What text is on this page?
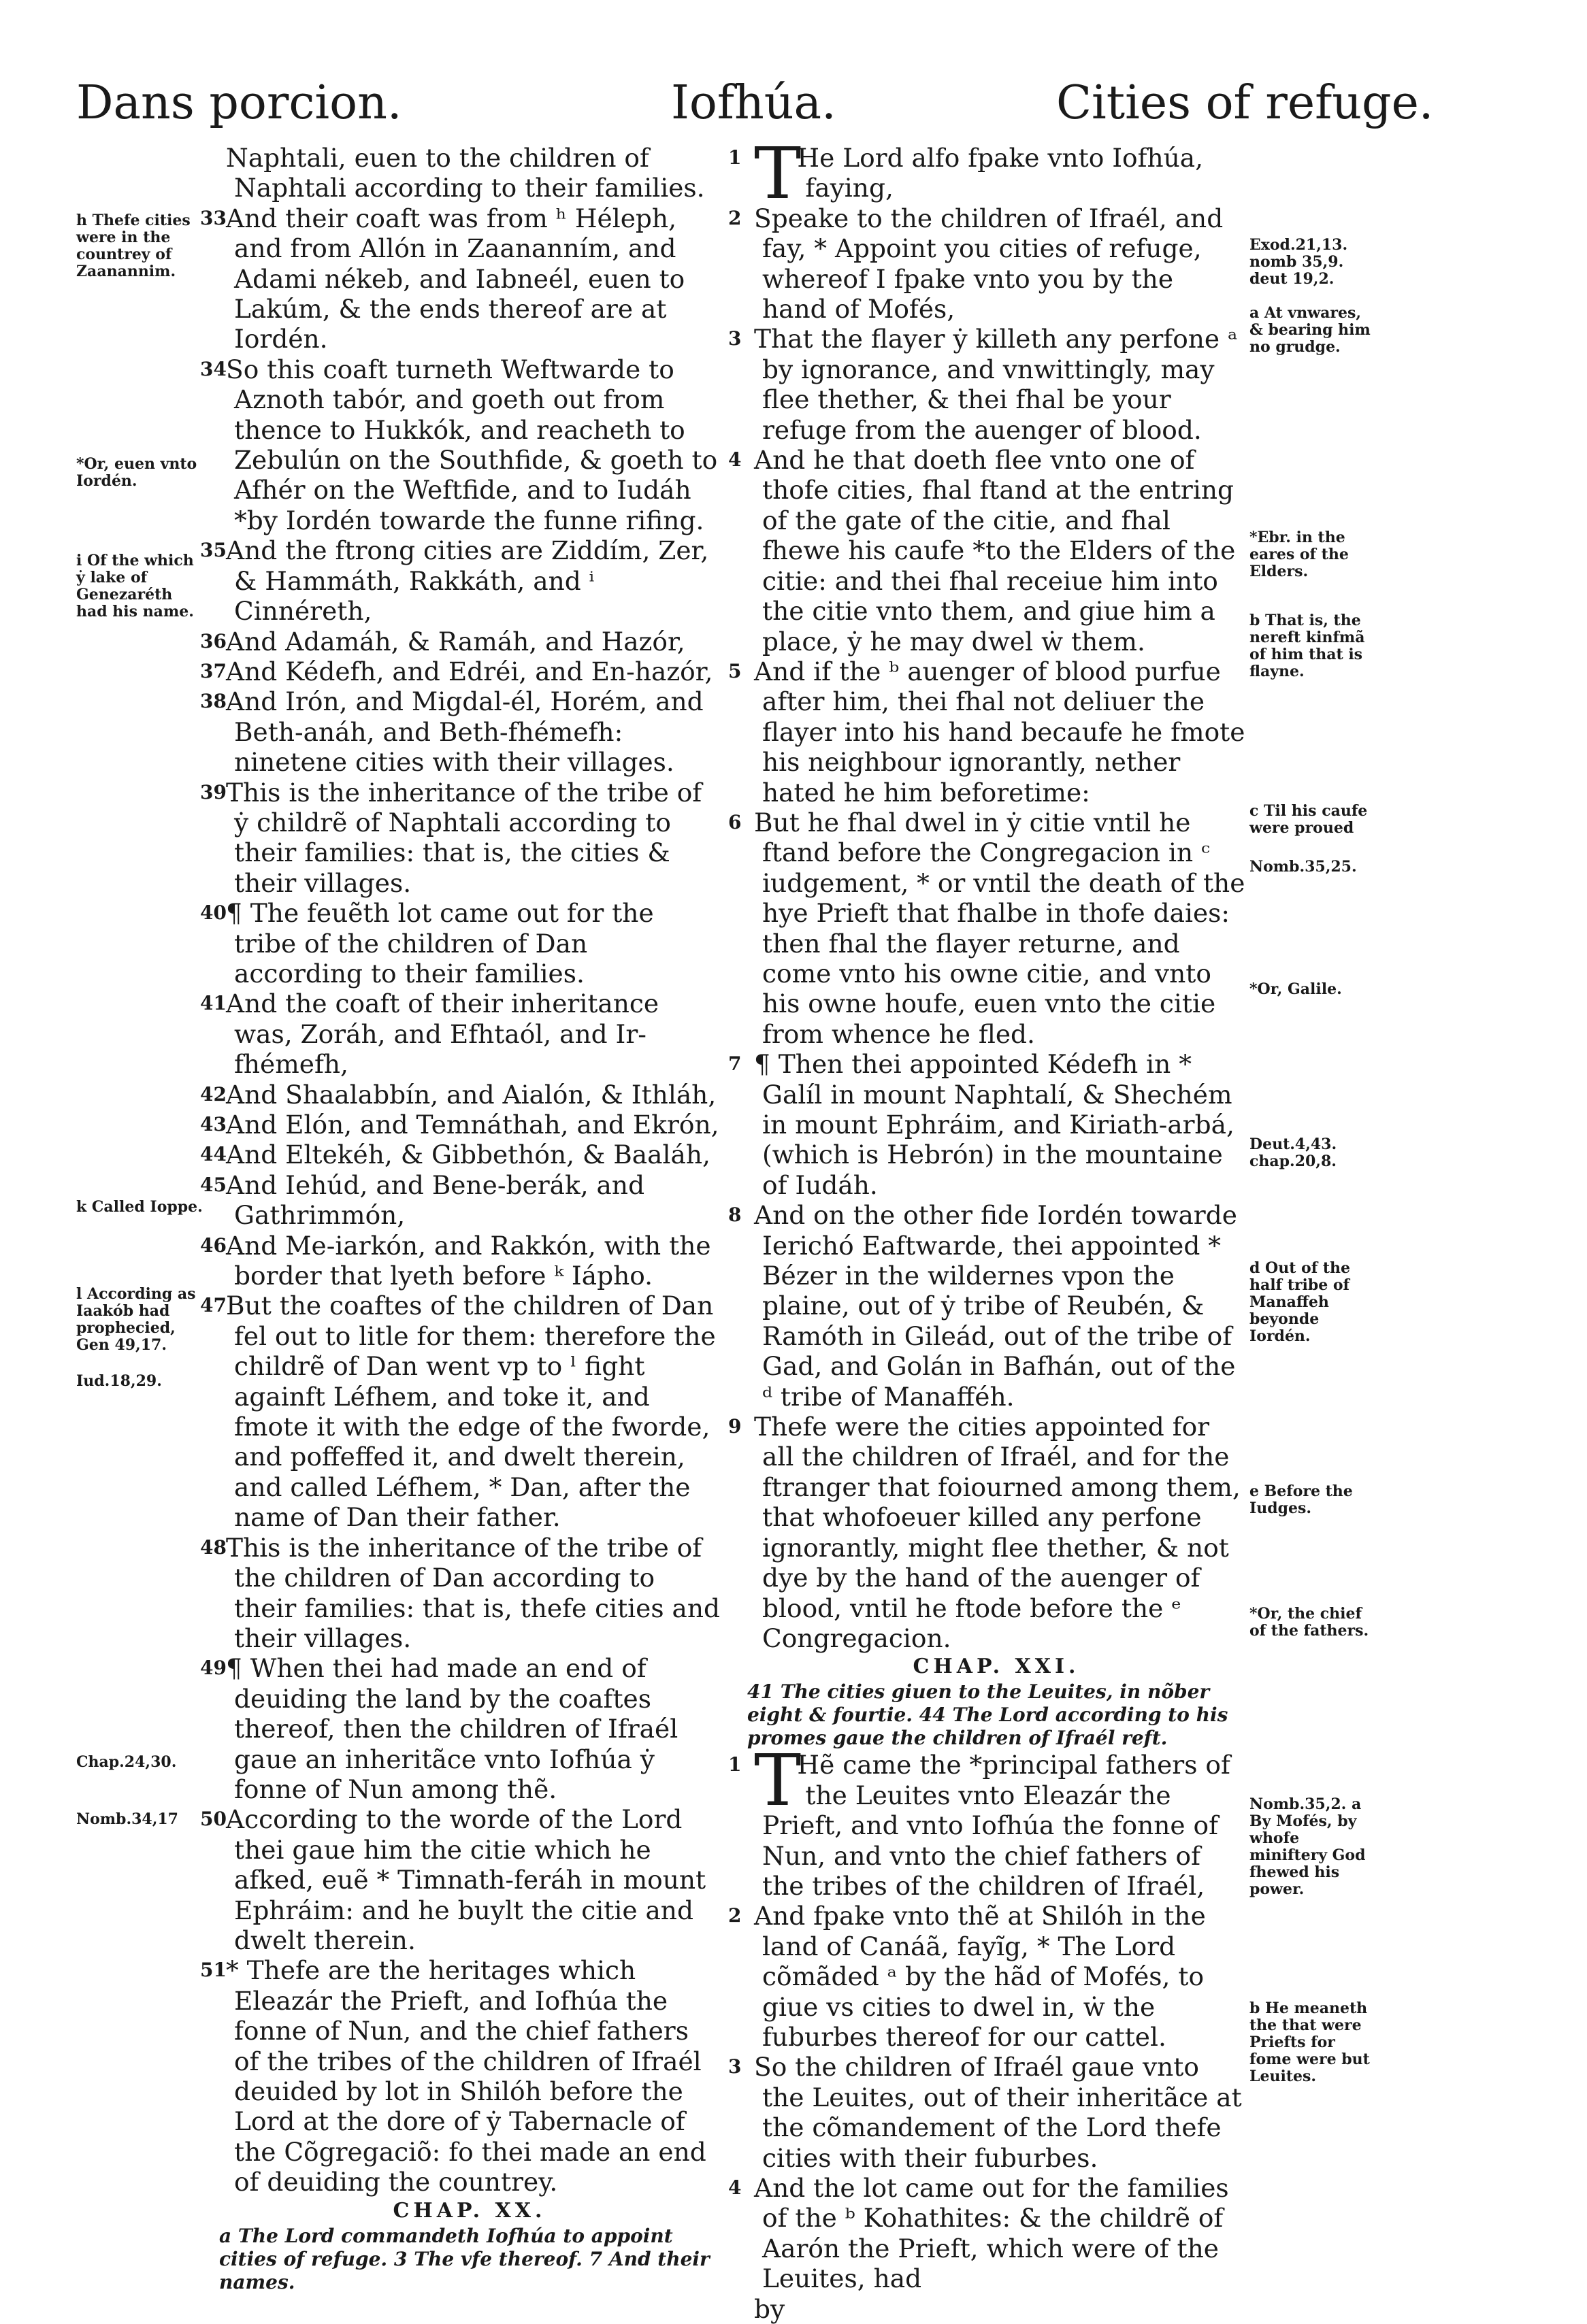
Dans porcion.	Iofhúa.	Cities of refuge.
Naphtali, euen to the children of Naphtali according to their families.
33 And their coaft was from ʰ Héleph, and from Allón in Zaananním, and Adami nékeb, and Iabneél, euen to Lakúm, & the ends thereof are at Iordén.
34 So this coaft turneth Weftwarde to Aznoth tabór, and goeth out from thence to Hukkók, and reacheth to Zebulún on the Southfide, & goeth to Afhér on the Weftfide, and to Iudáh *by Iordén towarde the funne rifing.
35 And the ftrong cities are Ziddím, Zer, & Hammáth, Rakkáth, and ⁱ Cinnéreth,
36 And Adamáh, & Ramáh, and Hazór,
37 And Kédefh, and Edréi, and En-hazór,
38 And Irón, and Migdal-él, Horém, and Beth-anáh, and Beth-fhémefh: ninetene cities with their villages.
39 This is the inheritance of the tribe of ẏ childrẽ of Naphtali according to their families: that is, the cities & their villages.
40 ¶ The feuẽth lot came out for the tribe of the children of Dan according to their families.
41 And the coaft of their inheritance was, Zoráh, and Efhtaól, and Ir-fhémefh,
42 And Shaalabbín, and Aialón, & Ithláh,
43 And Elón, and Temnáthah, and Ekrón,
44 And Eltekéh, & Gibbethón, & Baaláh,
45 And Iehúd, and Bene-berák, and Gathrimmón,
46 And Me-iarkón, and Rakkón, with the border that lyeth before ᵏ Iápho.
47 But the coaftes of the children of Dan fel out to litle for them: therefore the childrẽ of Dan went vp to ˡ fight againft Léfhem, and toke it, and fmote it with the edge of the fworde, and poffeffed it, and dwelt therein, and called Léfhem, * Dan, after the name of Dan their father.
48 This is the inheritance of the tribe of the children of Dan according to their families: that is, thefe cities and their villages.
49 ¶ When thei had made an end of deuiding the land by the coaftes thereof, then the children of Ifraél gaue an inheritãce vnto Iofhúa ẏ fonne of Nun among thẽ.
50 According to the worde of the Lord thei gaue him the citie which he afked, euẽ * Timnath-feráh in mount Ephráim: and he buylt the citie and dwelt therein.
51 * Thefe are the heritages which Eleazár the Prieft, and Iofhúa the fonne of Nun, and the chief fathers of the tribes of the children of Ifraél deuided by lot in Shilóh before the Lord at the dore of ẏ Tabernacle of the Cõgregaciõ: fo thei made an end of deuiding the countrey.
CHAP. XX.
a The Lord commandeth Iofhúa to appoint cities of refuge. 3 The vfe thereof. 7 And their names.
1 T
He Lord alfo fpake vnto Iofhúa, faying,
2 Speake to the children of Ifraél, and fay, * Appoint you cities of refuge, whereof I fpake vnto you by the hand of Mofés,
3 That the flayer ẏ killeth any perfone ᵃ by ignorance, and vnwittingly, may flee thether, & thei fhal be your refuge from the auenger of blood.
4 And he that doeth flee vnto one of thofe cities, fhal ftand at the entring of the gate of the citie, and fhal fhewe his caufe *to the Elders of the citie: and thei fhal receiue him into the citie vnto them, and giue him a place, ẏ he may dwel ẇ them.
5 And if the ᵇ auenger of blood purfue after him, thei fhal not deliuer the flayer into his hand becaufe he fmote his neighbour ignorantly, nether hated he him beforetime:
6 But he fhal dwel in ẏ citie vntil he ftand before the Congregacion in ᶜ iudgement, * or vntil the death of the hye Prieft that fhalbe in thofe daies: then fhal the flayer returne, and come vnto his owne citie, and vnto his owne houfe, euen vnto the citie from whence he fled.
7 ¶ Then thei appointed Kédefh in * Galíl in mount Naphtalí, & Shechém in mount Ephráim, and Kiriath-arbá, (which is Hebrón) in the mountaine of Iudáh.
8 And on the other fide Iordén towarde Ierichó Eaftwarde, thei appointed * Bézer in the wildernes vpon the plaine, out of ẏ tribe of Reubén, & Ramóth in Gileád, out of the tribe of Gad, and Golán in Bafhán, out of the ᵈ tribe of Manafféh.
9 Thefe were the cities appointed for all the children of Ifraél, and for the ftranger that foiourned among them, that whofoeuer killed any perfone ignorantly, might flee thether, & not dye by the hand of the auenger of blood, vntil he ftode before the ᵉ Congregacion.
CHAP. XXI.
41 The cities giuen to the Leuites, in nõber eight & fourtie. 44 The Lord according to his promes gaue the children of Ifraél reft.
1 T
Hẽ came the *principal fathers of the Leuites vnto Eleazár the Prieft, and vnto Iofhúa the fonne of Nun, and vnto the chief fathers of the tribes of the children of Ifraél,
2 And fpake vnto thẽ at Shilóh in the land of Canáã, fayĩg, * The Lord cõmãded ᵃ by the hãd of Mofés, to giue vs cities to dwel in, ẇ the fuburbes thereof for our cattel.
3 So the children of Ifraél gaue vnto the Leuites, out of their inheritãce at the cõmandement of the Lord thefe cities with their fuburbes.
4 And the lot came out for the families of the ᵇ Kohathites: & the childrẽ of Aarón the Prieft, which were of the Leuites, had
by
h Thefe cities were in the countrey of Zaanannim.
*Or, euen vnto Iordén.
i Of the which ẏ lake of Genezaréth had his name.
k Called Ioppe.
l According as Iaakób had prophecied, Gen 49,17.
Iud.18,29.
Chap.24,30.
Nomb.34,17
Exod.21,13. nomb 35,9. deut 19,2.
a At vnwares, & bearing him no grudge.
*Ebr. in the eares of the Elders.
b That is, the nereft kinfmã of him that is flayne.
c Til his caufe were proued
Nomb.35,25.
*Or, Galile.
Deut.4,43. chap.20,8.
d Out of the half tribe of Manaffeh beyonde Iordén.
e Before the Iudges.
*Or, the chief of the fathers.
Nomb.35,2. a By Mofés, by whofe miniftery God fhewed his power.
b He meaneth the that were Priefts for fome were but Leuites.
